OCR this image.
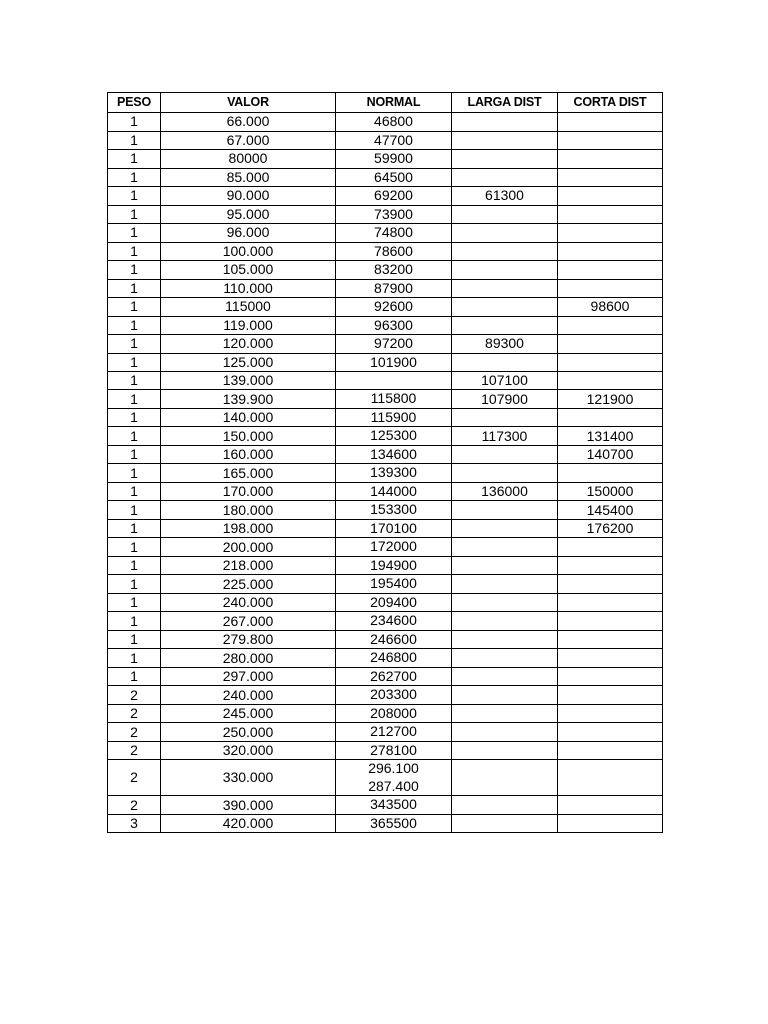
PESO	VALOR	NORMAL	LARGA DIST	CORTA DIST
1	66.000	46800		

1	67.000	47700		

1	80000	59900		

1	85.000	64500		

1	90.000	69200	61300	
1	95.000	73900		

1	96.000	74800		

1	100.000	78600		

1	105.000	83200		

1	110.000	87900		

1	115000	92600		98600
1	119.000	96300		

1	120.000	97200	89300	
1	125.000	101900		

1	139.000		107100	
1	139.900	115800	107900	121900
1	140.000	115900		

1	150.000	125300	117300	131400
1	160.000	134600		140700
1	165.000	139300		

1	170.000	144000	136000	150000
1	180.000	153300		145400
1	198.000	170100		176200
1	200.000	172000		

1	218.000	194900		

1	225.000	195400		

1	240.000	209400		

1	267.000	234600		

1	279.800	246600		

1	280.000	246800		

1	297.000	262700		

2	240.000	203300		

2	245.000	208000		

2	250.000	212700		

2	320.000	278100		

2	330.000	296.100
287.400		

2	390.000	343500		

3	420.000	365500		
